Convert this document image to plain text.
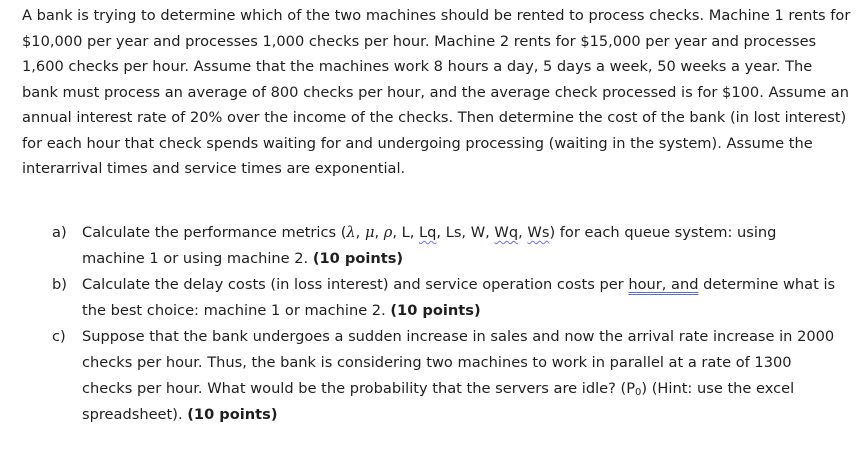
A bank is trying to determine which of the two machines should be rented to process checks. Machine 1 rents for $10,000 per year and processes 1,000 checks per hour. Machine 2 rents for $15,000 per year and processes 1,600 checks per hour. Assume that the machines work 8 hours a day, 5 days a week, 50 weeks a year. The bank must process an average of 800 checks per hour, and the average check processed is for $100. Assume an annual interest rate of 20% over the income of the checks. Then determine the cost of the bank (in lost interest) for each hour that check spends waiting for and undergoing processing (waiting in the system). Assume the interarrival times and service times are exponential.

a) Calculate the performance metrics (λ, μ, ρ, L, Lq, Ls, W, Wq, Ws) for each queue system: using machine 1 or using machine 2. (10 points)
b) Calculate the delay costs (in loss interest) and service operation costs per hour, and determine what is the best choice: machine 1 or machine 2. (10 points)
c) Suppose that the bank undergoes a sudden increase in sales and now the arrival rate increase in 2000 checks per hour. Thus, the bank is considering two machines to work in parallel at a rate of 1300 checks per hour. What would be the probability that the servers are idle? $(P_0)$ (Hint: use the excel spreadsheet). (10 points)
